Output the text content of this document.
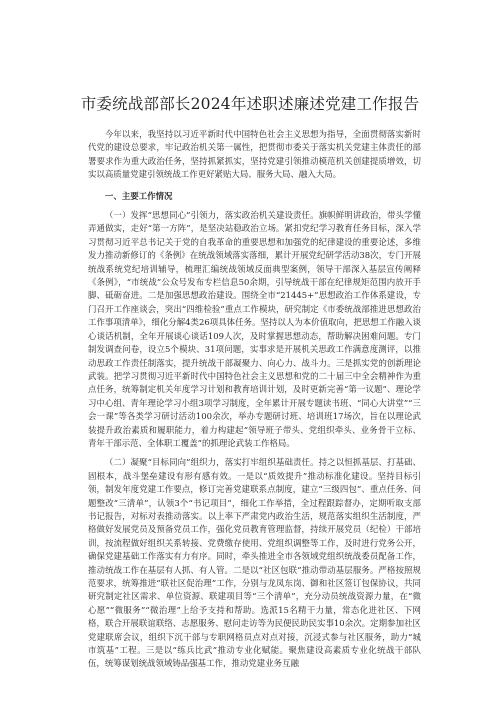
市委统战部部长2024年述职述廉述党建工作报告

今年以来，我坚持以习近平新时代中国特色社会主义思想为指导，全面贯彻落实新时代党的建设总要求，牢记政治机关第一属性，把贯彻市委关于落实机关党建主体责任的部署要求作为重大政治任务，坚持抓紧抓实，坚持党建引领推动模范机关创建提质增效，切实以高质量党建引领统战工作更好紧贴大局、服务大局、融入大局。

一、主要工作情况

（一）发挥“思想同心”引领力，落实政治机关建设责任。旗帜鲜明讲政治，带头学懂弄通做实，走好“第一方阵”，是坚决站稳政治立场。紧扣党纪学习教育任务目标，深入学习贯彻习近平总书记关于党的自我革命的重要思想和加强党的纪律建设的重要论述，多维发力推动新修订的《条例》在统战领域落实落细，累计开展党纪研学活动38次，专门开展统战系统党纪培训辅导，梳理汇编统战领域反面典型案例，领导干部深入基层宣传阐释《条例》，“市统战”公众号发布专栏信息50余期，引导统战干部在纪律规矩范围内放开手脚、砥砺奋进。二是加强思想政治建设。围绕全市“21445+”思想政治工作体系建设，专门召开工作座谈会，突出“四维检验”重点工作模块，研究制定《市委统战部推进思想政治工作事项清单》，细化分解4类26项具体任务。坚持以人为本价值取向，把思想工作融入谈心谈话机制，全年开展谈心谈话109人次，及时掌握思想动态，帮助解决困难问题。专门制发调查问卷，设立5个模块、31项问题，实事求是开展机关思政工作满意度测评，以推动思政工作责任制落实，提升统战干部凝聚力、向心力、战斗力。三是抓实党的创新理论武装。把学习贯彻习近平新时代中国特色社会主义思想和党的二十届三中全会精神作为重点任务，统筹制定机关年度学习计划和教育培训计划，及时更新完善“第一议题”、理论学习中心组、青年理论学习小组3项学习制度，全年累计开展专题读书班、“同心大讲堂”“三会一课”等各类学习研讨活动100余次，举办专题研讨班、培训班17场次，旨在以理论武装提升政治素质和履职能力，着力构建起“领导班子带头、党组织牵头、业务骨干立标、青年干部示范、全体职工覆盖”的抓理论武装工作格局。

（二）凝聚“目标同向”组织力，落实打牢组织基础责任。持之以恒抓基层、打基础、固根本，战斗堡垒建设有形有感有效。一是以“质效提升”推动标准化建设。坚持目标引领，制发年度党建工作要点，修订完善党建联系点制度，建立“三级四包”、重点任务、问题整改“三清单”，认领3个“书记项目”，细化工作举措，全过程跟踪督办，定期听取支部书记报告，对标对表推动落实。以上率下严肃党内政治生活，规范落实组织生活制度，严格做好发展党员及预备党员工作，强化党员教育管理监督，持续开展党员（纪检）干部培训，按流程做好组织关系转接、党费缴存使用、党组织调整等工作，及时进行党务公开，确保党建基础工作落实有力有序。同时，牵头推进全市各领域党组织统战委员配备工作，推动统战工作在基层有人抓、有人管。二是以“社区包联”推动带动基层服务。严格按照规范要求，统筹推进“联社区促治理”工作，分别与龙凤东岗、御和社区签订包保协议，共同研究制定社区需求、单位资源、联建项目等“三个清单”，充分动员统战资源力量，在“微心愿”“微服务”“微治理”上给予支持和帮助。选派15名精干力量，常态化进社区、下网格，联合开展联谊联络、志愿服务、慰问走访等为民便民助民实事10余次。定期参加社区党建联席会议，组织下沉干部与专职网格员点对点对接，沉浸式参与社区服务，助力“城市筑基”工程。三是以“练兵比武”推动专业化赋能。聚焦建设高素质专业化统战干部队伍，统筹谋划统战领域铸品强基工作，推动党建业务互融
